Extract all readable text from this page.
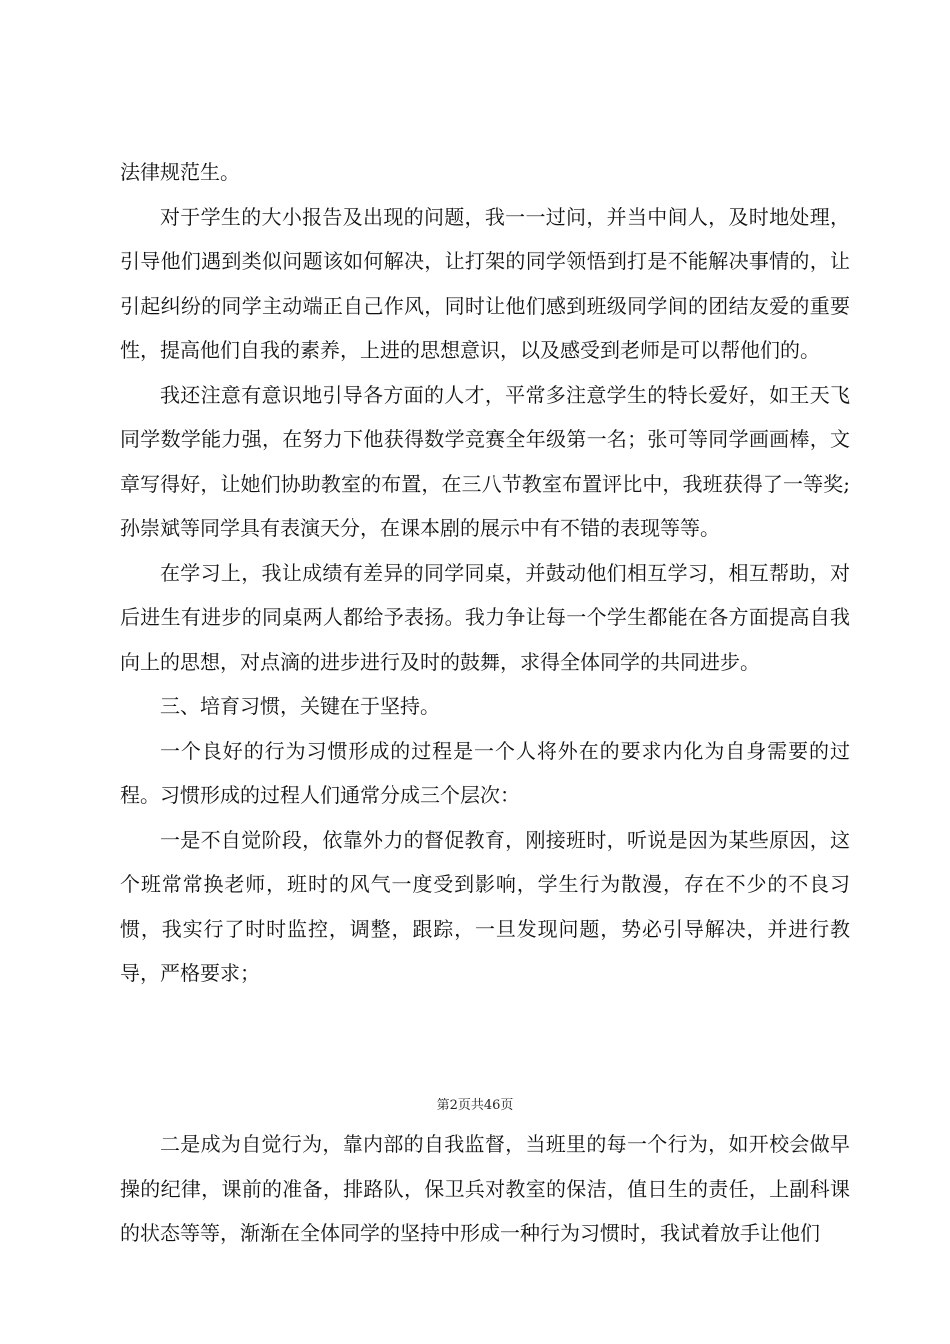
法律规范生。

对于学生的大小报告及出现的问题，我一一过问，并当中间人，及时地处理，引导他们遇到类似问题该如何解决，让打架的同学领悟到打是不能解决事情的，让引起纠纷的同学主动端正自己作风，同时让他们感到班级同学间的团结友爱的重要性，提高他们自我的素养，上进的思想意识，以及感受到老师是可以帮他们的。

我还注意有意识地引导各方面的人才，平常多注意学生的特长爱好，如王天飞同学数学能力强，在努力下他获得数学竞赛全年级第一名；张可等同学画画棒，文章写得好，让她们协助教室的布置，在三八节教室布置评比中，我班获得了一等奖;孙崇斌等同学具有表演天分，在课本剧的展示中有不错的表现等等。

在学习上，我让成绩有差异的同学同桌，并鼓动他们相互学习，相互帮助，对后进生有进步的同桌两人都给予表扬。我力争让每一个学生都能在各方面提高自我向上的思想，对点滴的进步进行及时的鼓舞，求得全体同学的共同进步。

三、培育习惯，关键在于坚持。

一个良好的行为习惯形成的过程是一个人将外在的要求内化为自身需要的过程。习惯形成的过程人们通常分成三个层次：

一是不自觉阶段，依靠外力的督促教育，刚接班时，听说是因为某些原因，这个班常常换老师，班时的风气一度受到影响，学生行为散漫，存在不少的不良习惯，我实行了时时监控，调整，跟踪，一旦发现问题，势必引导解决，并进行教导，严格要求；

第2页共46页

二是成为自觉行为，靠内部的自我监督，当班里的每一个行为，如开校会做早操的纪律，课前的准备，排路队，保卫兵对教室的保洁，值日生的责任，上副科课的状态等等，渐渐在全体同学的坚持中形成一种行为习惯时，我试着放手让他们
